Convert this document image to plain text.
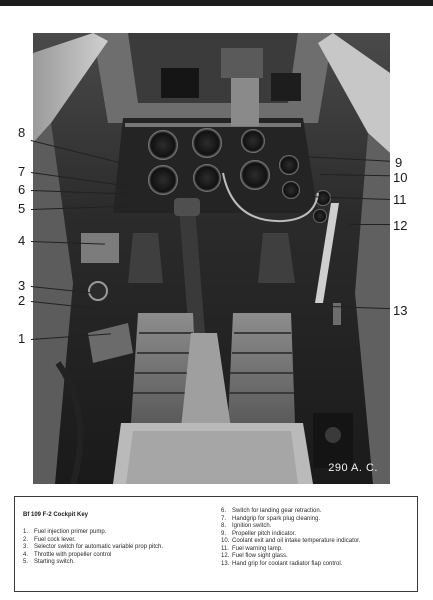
290 A. C.
8
7
6
5
4
3
2
1
9
10
11
12
13
Bf 109 F-2 Cockpit Key
1. Fuel injection primer pump.
2. Fuel cock lever.
3. Selector switch for automatic variable prop pitch.
4. Throttle with propeller control
5. Starting switch.
6. Switch for landing gear retraction.
7. Handgrip for spark plug cleaning.
8. Ignition switch.
9. Propeller pitch indicator.
10. Coolant exit and oil intake temperature indicator.
11. Fuel warning lamp.
12. Fuel flow sight glass.
13. Hand grip for coolant radiator flap control.
